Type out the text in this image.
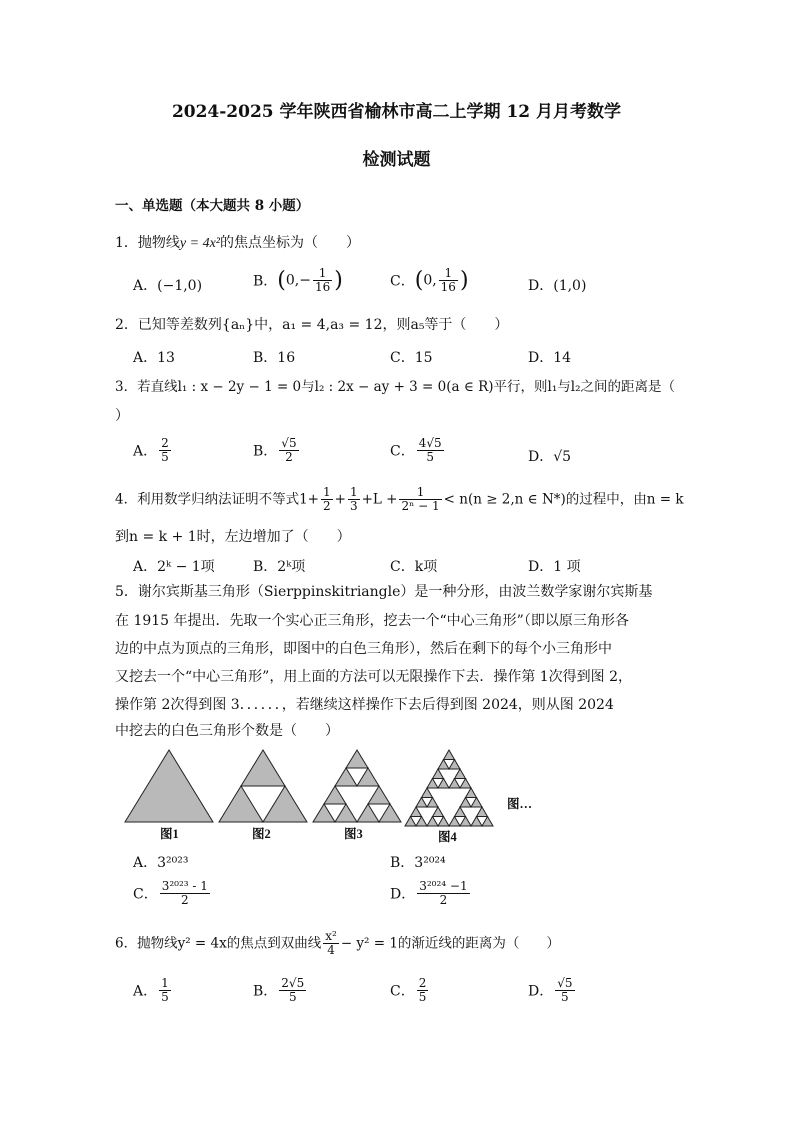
2024-2025 学年陕西省榆林市高二上学期 12 月月考数学
检测试题
一、单选题（本大题共 8 小题）
1．抛物线y = 4x²的焦点坐标为（　　）
A．(−1,0)	B．($0,- \frac{1}{16}$ )	C．(0, $\frac{1}{16}$ )	D．(1,0)
2．已知等差数列{aₙ}中，a₁ = 4,a₃ = 12，则a₅等于（　　）
A．13	B．16	C．15	D．14
3．若直线l₁ : x − 2y − 1 = 0与l₂ : 2x − ay + 3 = 0(a ∈ R)平行，则l₁与l₂之间的距离是（
）
A． $\frac{2}{5}$	B． $\frac{√5}{2}$	C． $\frac{4√5}{5}$	D．√5
4．利用数学归纳法证明不等式$1+ \frac{1}{2} + \frac{1}{3} +L + \frac{1}{\text{2ⁿ − 1}} < n(n \ge 2,n$ ∈ N*)的过程中，由n = k
到n = k + 1时，左边增加了（　　）
A．2ᵏ − 1项	B．2ᵏ项	C．k项	D．1 项
5．谢尔宾斯基三角形（Sierppinskitriangle）是一种分形，由波兰数学家谢尔宾斯基
在 1915 年提出．先取一个实心正三角形，挖去一个“中心三角形”（即以原三角形各
边的中点为顶点的三角形，即图中的白色三角形），然后在剩下的每个小三角形中
又挖去一个“中心三角形”，用上面的方法可以无限操作下去．操作第 1次得到图 2，
操作第 2次得到图 3．．．．．．，若继续这样操作下去后得到图 2024，则从图 2024
中挖去的白色三角形个数是（　　）
图1	图2	图3	图4
图…
A．3²⁰²³	B．3²⁰²⁴
C． $\frac{\text{3²⁰²³ - 1}}{2}$	D． $\frac{\text{3²⁰²⁴ −1}}{2}$
6．抛物线y² = 4x的焦点到双曲线 $\frac{\text{x²}}{4} - y^2 = 1$的渐近线的距离为（　　）
A． $\frac{1}{5}$	B． $\frac{2√5}{5}$	C． $\frac{2}{5}$	D． $\frac{√5}{5}$
